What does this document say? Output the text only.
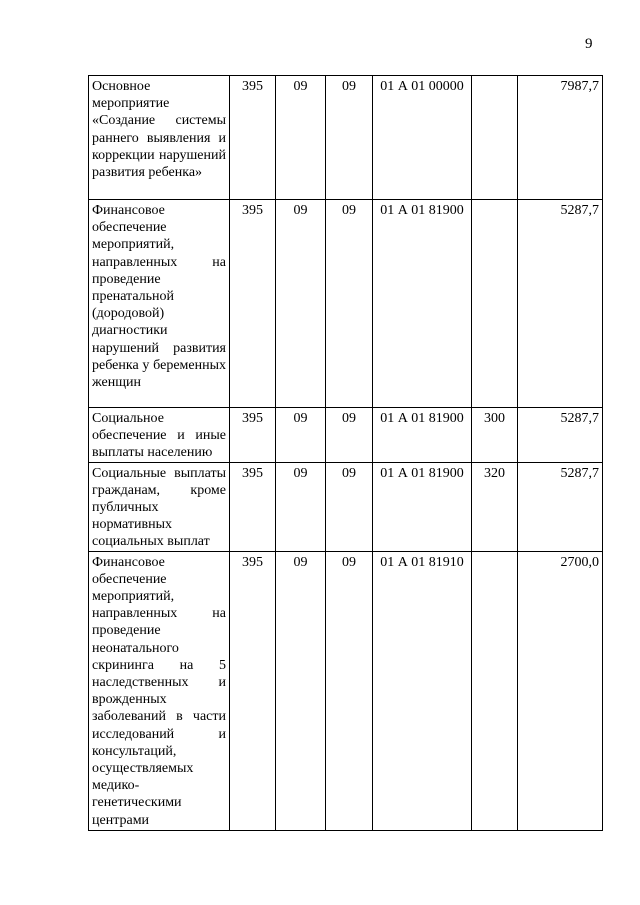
9
Основное мероприятие «Создание системы раннего выявления и коррекции нарушений развития ребенка»	395	09	09	01 А 01 00000		7987,7
Финансовое обеспечение мероприятий, направленных на проведение пренатальной (дородовой) диагностики нарушений развития ребенка у беременных женщин	395	09	09	01 А 01 81900		5287,7
Социальное обеспечение и иные выплаты населению	395	09	09	01 А 01 81900	300	5287,7
Социальные выплаты гражданам, кроме публичных нормативных социальных выплат	395	09	09	01 А 01 81900	320	5287,7
Финансовое обеспечение мероприятий, направленных на проведение неонатального скрининга на 5 наследственных и врожденных заболеваний в части исследований и консультаций, осуществляемых медико-генетическими центрами	395	09	09	01 А 01 81910		2700,0
